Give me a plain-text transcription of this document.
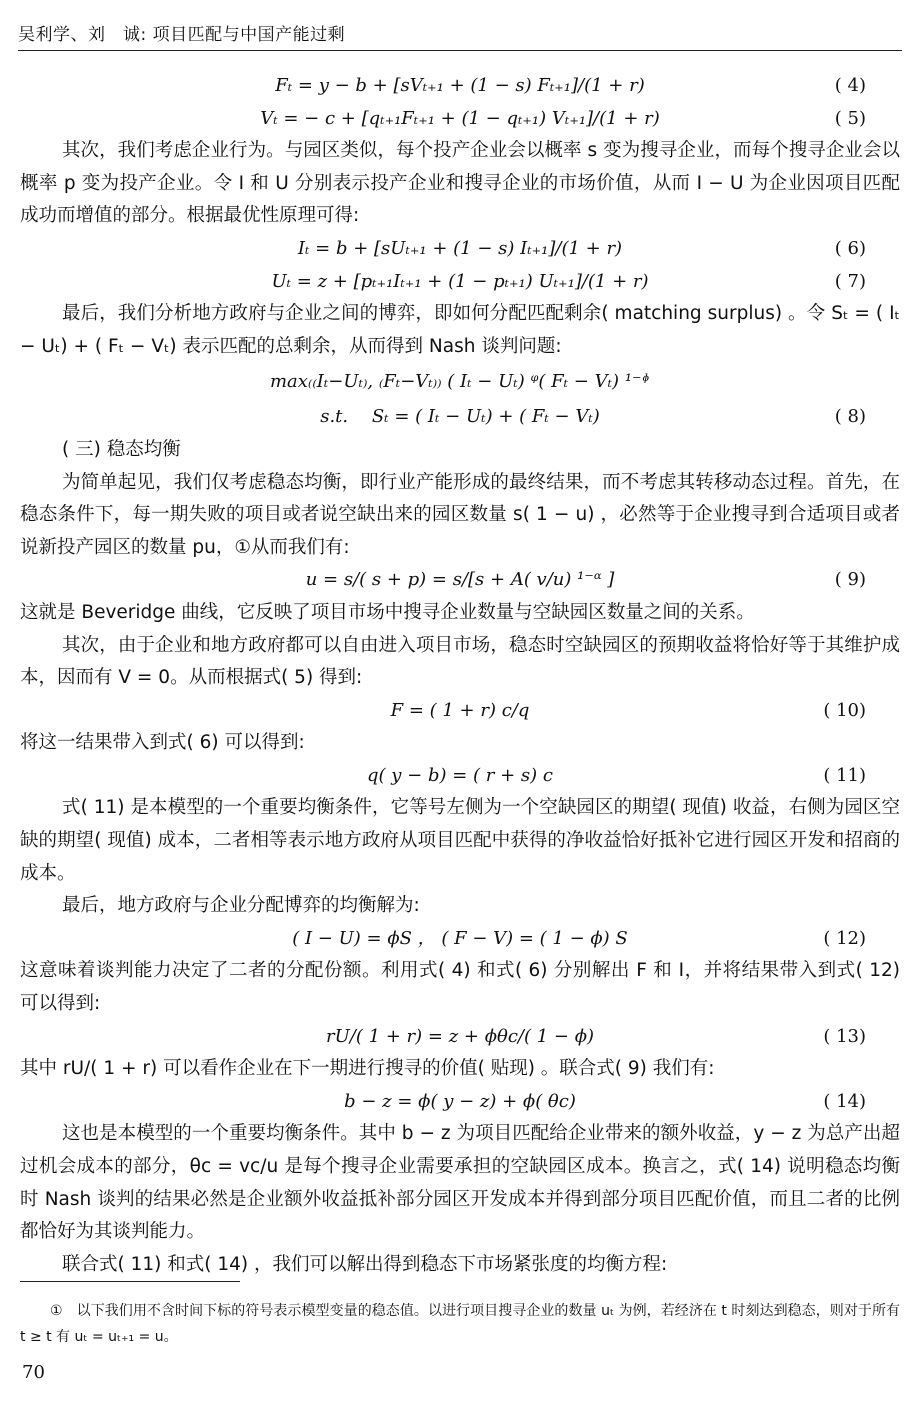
吴利学、刘　诚: 项目匹配与中国产能过剩
Fₜ = y − b + [sVₜ₊₁ + (1 − s) Fₜ₊₁]/(1 + r)	( 4)
Vₜ = − c + [qₜ₊₁Fₜ₊₁ + (1 − qₜ₊₁) Vₜ₊₁]/(1 + r)	( 5)

其次，我们考虑企业行为。与园区类似，每个投产企业会以概率 s 变为搜寻企业，而每个搜寻企业会以概率 p 变为投产企业。令 I 和 U 分别表示投产企业和搜寻企业的市场价值，从而 I − U 为企业因项目匹配成功而增值的部分。根据最优性原理可得:

Iₜ = b + [sUₜ₊₁ + (1 − s) Iₜ₊₁]/(1 + r)	( 6)
Uₜ = z + [pₜ₊₁Iₜ₊₁ + (1 − pₜ₊₁) Uₜ₊₁]/(1 + r)	( 7)

最后，我们分析地方政府与企业之间的博弈，即如何分配匹配剩余( matching surplus) 。令 Sₜ = ( Iₜ − Uₜ) + ( Fₜ − Vₜ) 表示匹配的总剩余，从而得到 Nash 谈判问题:

max₍₍Iₜ−Uₜ₎, ₍Fₜ−Vₜ₎₎ ( Iₜ − Uₜ) ᵠ( Fₜ − Vₜ) ¹⁻ᶲ
s.t.　 Sₜ = ( Iₜ − Uₜ) + ( Fₜ − Vₜ)	( 8)
( 三) 稳态均衡

为简单起见，我们仅考虑稳态均衡，即行业产能形成的最终结果，而不考虑其转移动态过程。首先，在稳态条件下，每一期失败的项目或者说空缺出来的园区数量 s( 1 − u) ，必然等于企业搜寻到合适项目或者说新投产园区的数量 pu，①从而我们有:

u = s/( s + p) = s/[s + A( v/u) ¹⁻ᵅ ]	( 9)

这就是 Beveridge 曲线，它反映了项目市场中搜寻企业数量与空缺园区数量之间的关系。

其次，由于企业和地方政府都可以自由进入项目市场，稳态时空缺园区的预期收益将恰好等于其维护成本，因而有 V = 0。从而根据式( 5) 得到:

F = ( 1 + r) c/q	( 10)

将这一结果带入到式( 6) 可以得到:

q( y − b) = ( r + s) c	( 11)

式( 11) 是本模型的一个重要均衡条件，它等号左侧为一个空缺园区的期望( 现值) 收益，右侧为园区空缺的期望( 现值) 成本，二者相等表示地方政府从项目匹配中获得的净收益恰好抵补它进行园区开发和招商的成本。

最后，地方政府与企业分配博弈的均衡解为:

( I − U) = ϕS ， ( F − V) = ( 1 − ϕ) S	( 12)

这意味着谈判能力决定了二者的分配份额。利用式( 4) 和式( 6) 分别解出 F 和 I，并将结果带入到式( 12) 可以得到:

rU/( 1 + r) = z + ϕθc/( 1 − ϕ)	( 13)

其中 rU/( 1 + r) 可以看作企业在下一期进行搜寻的价值( 贴现) 。联合式( 9) 我们有:

b − z = ϕ( y − z) + ϕ( θc)	( 14)

这也是本模型的一个重要均衡条件。其中 b − z 为项目匹配给企业带来的额外收益，y − z 为总产出超过机会成本的部分，θc = vc/u 是每个搜寻企业需要承担的空缺园区成本。换言之，式( 14) 说明稳态均衡时 Nash 谈判的结果必然是企业额外收益抵补部分园区开发成本并得到部分项目匹配价值，而且二者的比例都恰好为其谈判能力。

联合式( 11) 和式( 14) ，我们可以解出得到稳态下市场紧张度的均衡方程:

①　以下我们用不含时间下标的符号表示模型变量的稳态值。以进行项目搜寻企业的数量 uₜ 为例，若经济在 t 时刻达到稳态，则对于所有 t ≥ t 有 uₜ = uₜ₊₁ = u。
70
